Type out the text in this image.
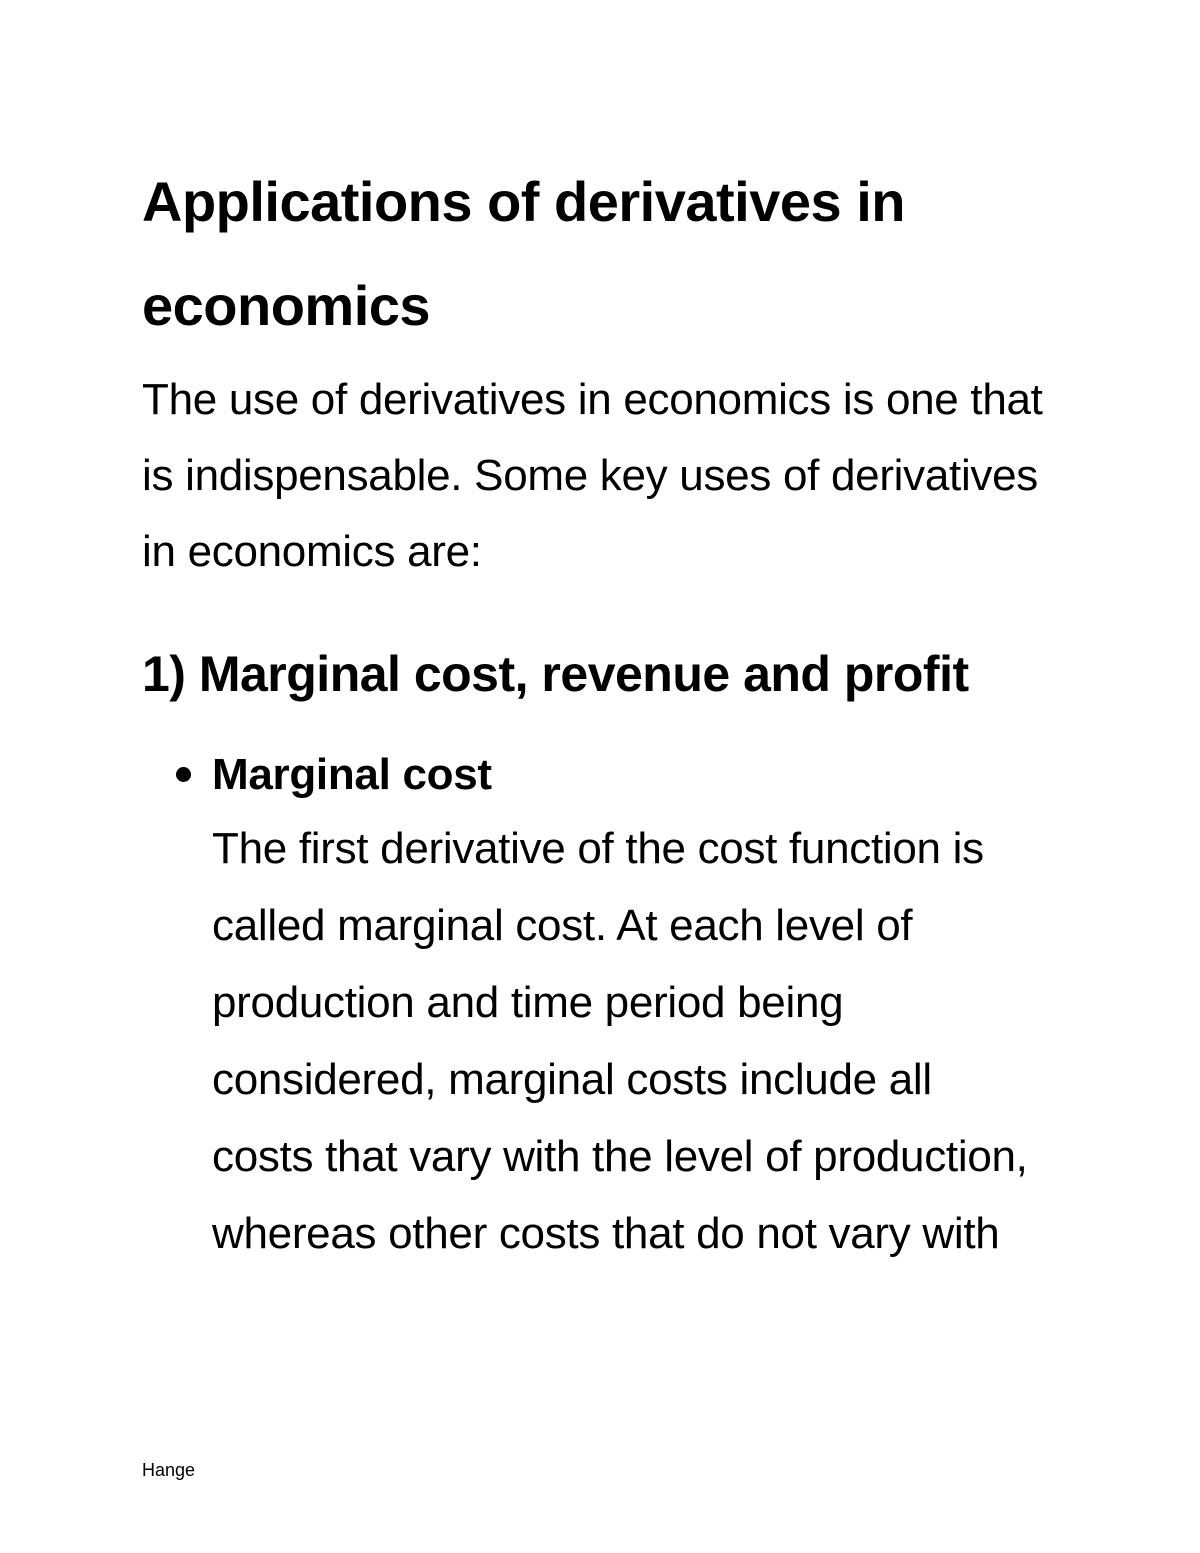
Applications of derivatives in economics

The use of derivatives in economics is one that is indispensable. Some key uses of derivatives in economics are:

1) Marginal cost, revenue and profit
Marginal cost
The first derivative of the cost function is called marginal cost. At each level of production and time period being considered, marginal costs include all costs that vary with the level of production, whereas other costs that do not vary with
Hange
